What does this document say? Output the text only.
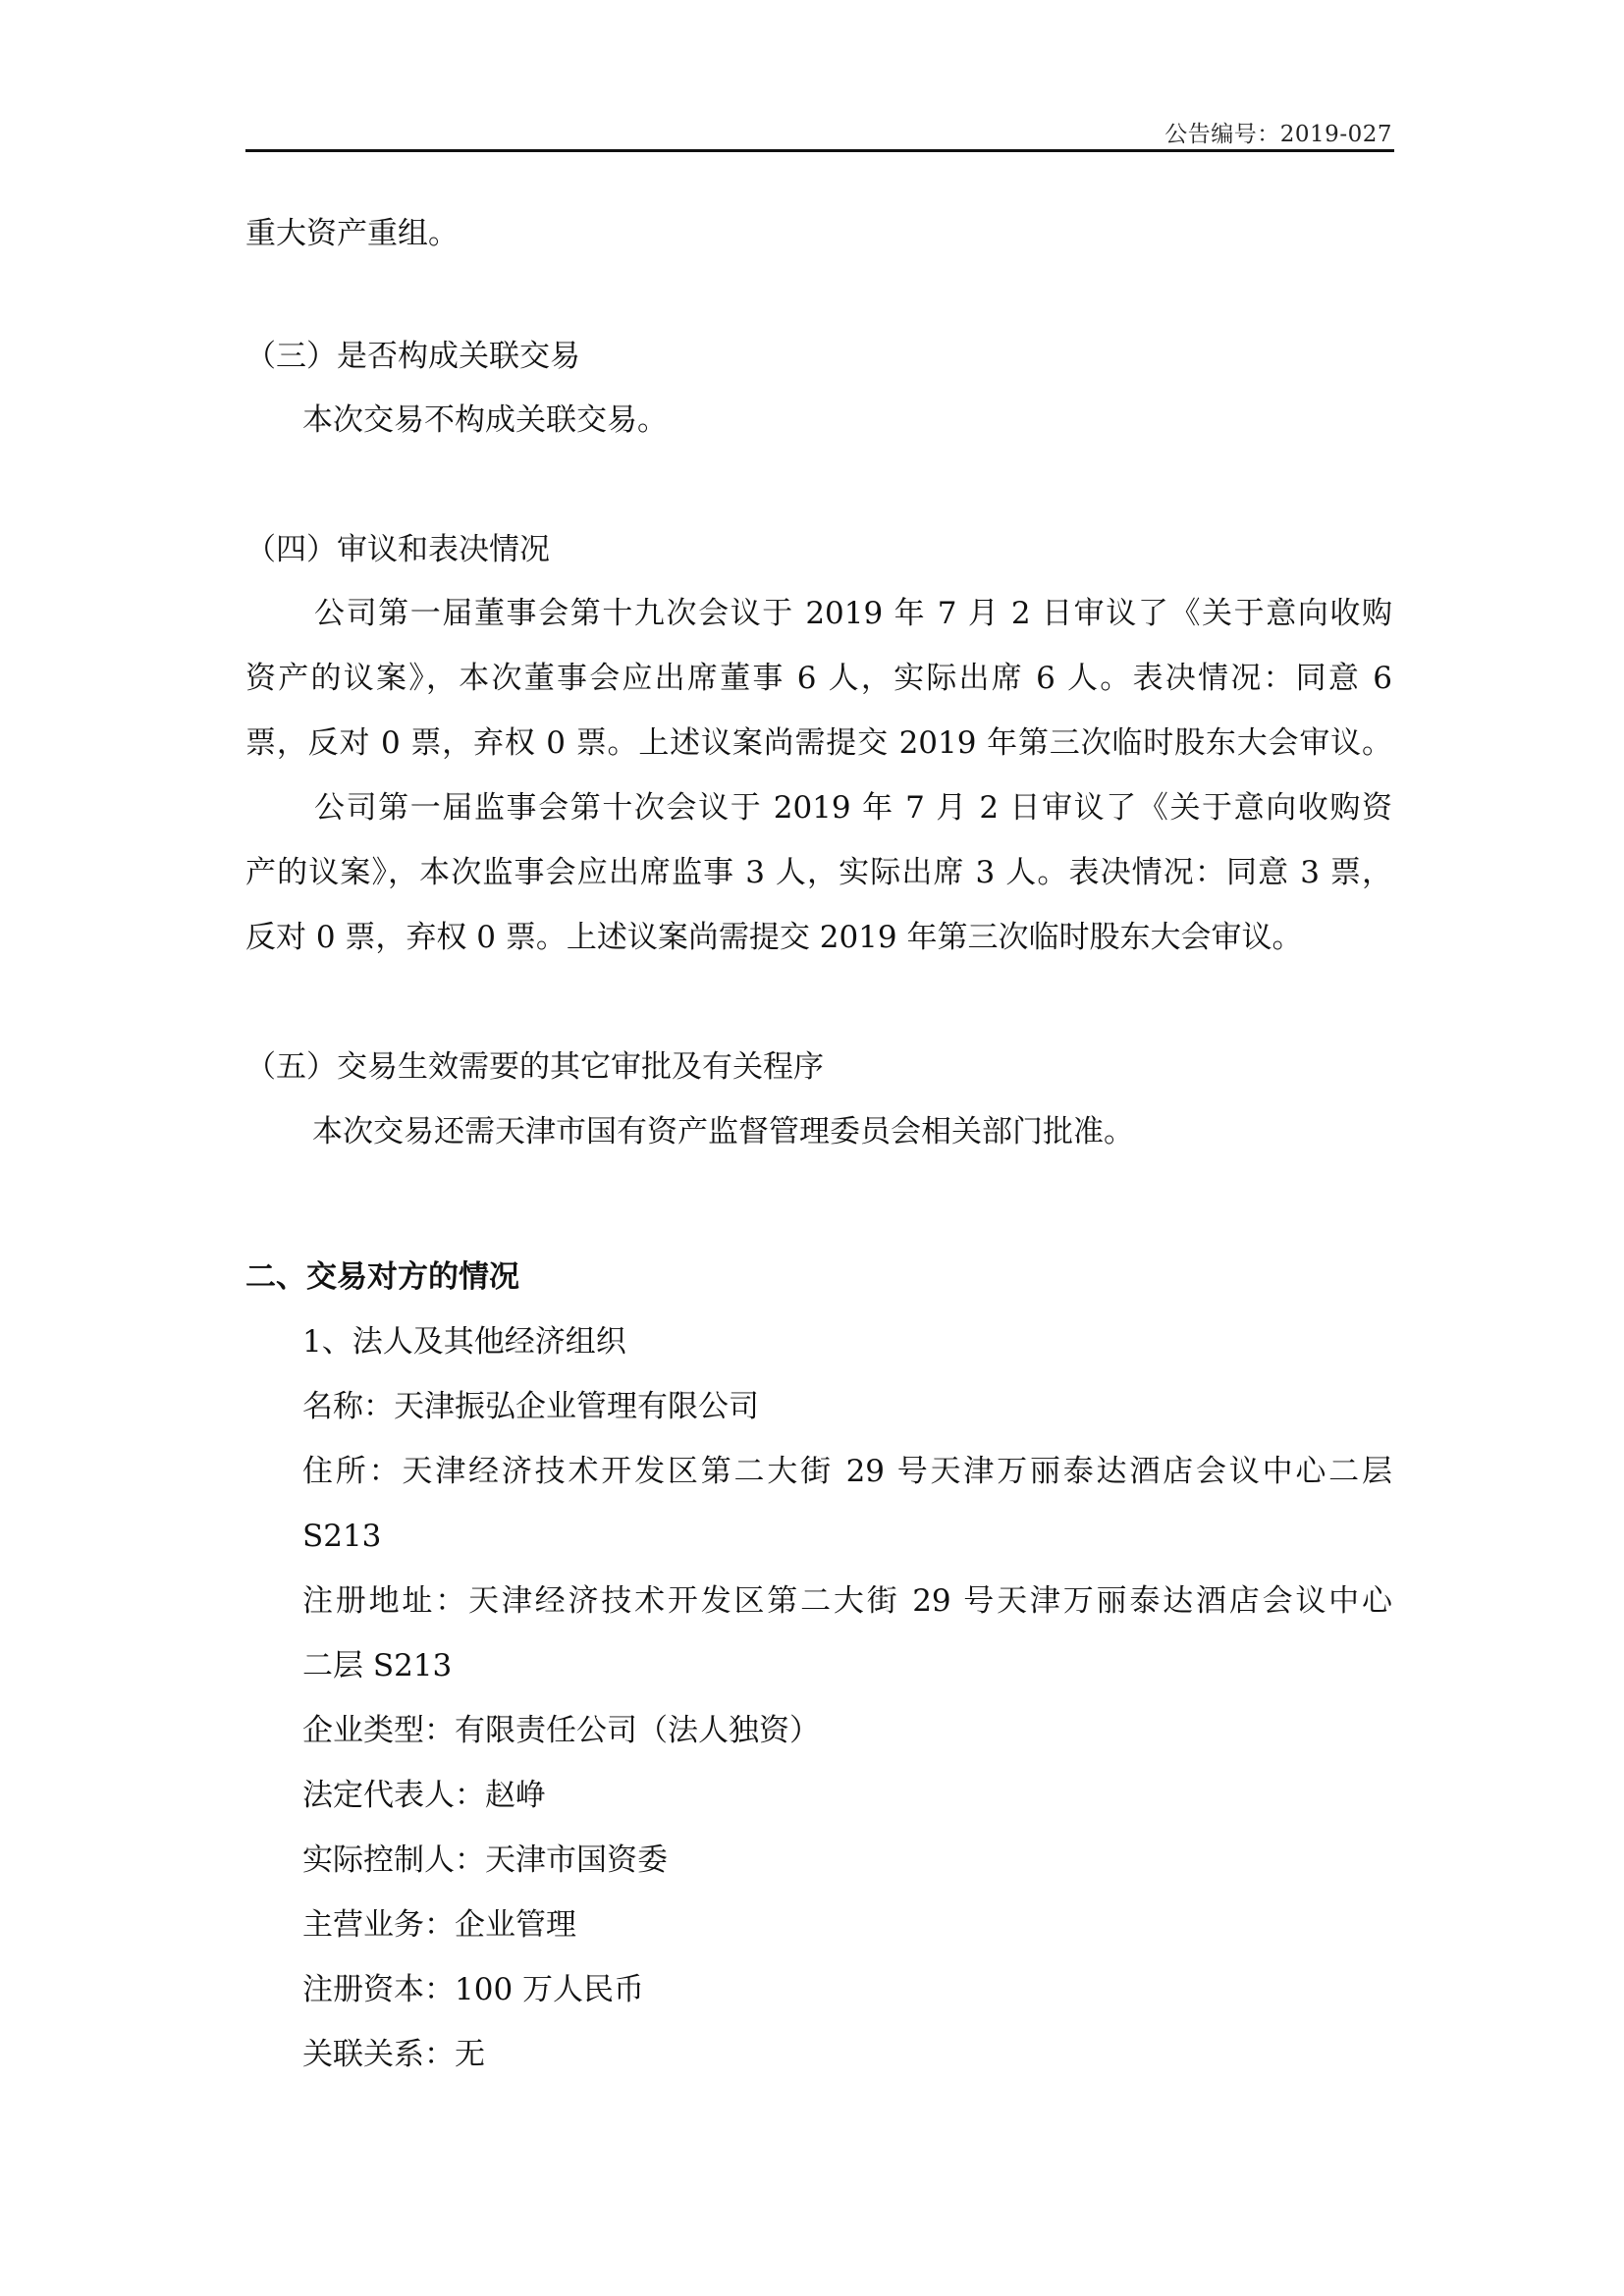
公告编号：2019-027
重大资产重组。
（三）是否构成关联交易
本次交易不构成关联交易。
（四）审议和表决情况
公司第一届董事会第十九次会议于 2019 年 7 月 2 日审议了《关于意向收购
资产的议案》，本次董事会应出席董事 6 人，实际出席 6 人。表决情况：同意 6
票，反对 0 票，弃权 0 票。上述议案尚需提交 2019 年第三次临时股东大会审议。
公司第一届监事会第十次会议于 2019 年 7 月 2 日审议了《关于意向收购资
产的议案》，本次监事会应出席监事 3 人，实际出席 3 人。表决情况：同意 3 票，
反对 0 票，弃权 0 票。上述议案尚需提交 2019 年第三次临时股东大会审议。
（五）交易生效需要的其它审批及有关程序
本次交易还需天津市国有资产监督管理委员会相关部门批准。
二、交易对方的情况
1、法人及其他经济组织
名称：天津振弘企业管理有限公司
住所：天津经济技术开发区第二大街 29 号天津万丽泰达酒店会议中心二层
S213
注册地址：天津经济技术开发区第二大街 29 号天津万丽泰达酒店会议中心
二层 S213
企业类型：有限责任公司（法人独资）
法定代表人：赵峥
实际控制人：天津市国资委
主营业务：企业管理
注册资本：100 万人民币
关联关系：无
